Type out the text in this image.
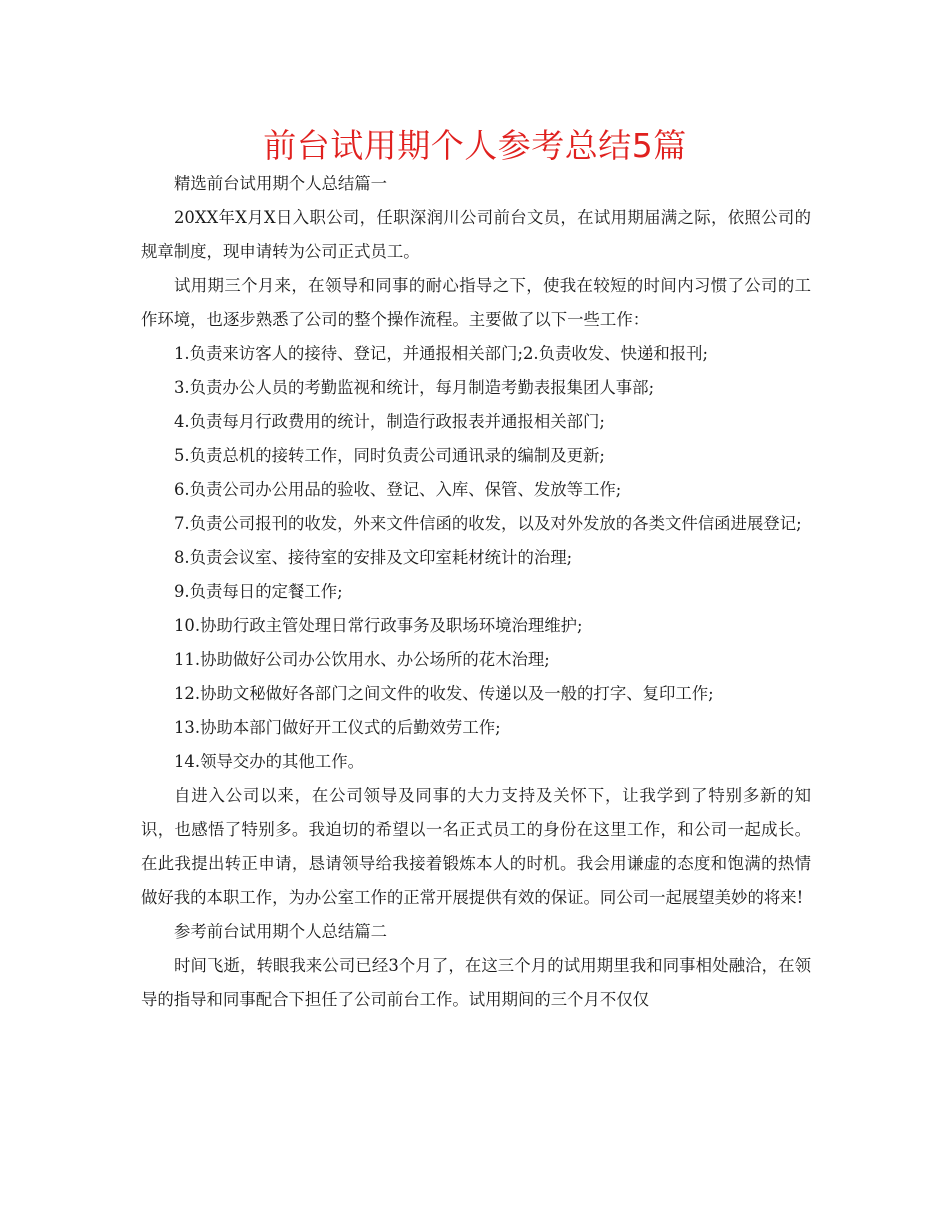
前台试用期个人参考总结5篇

精选前台试用期个人总结篇一

20XX年X月X日入职公司，任职深润川公司前台文员，在试用期届满之际，依照公司的规章制度，现申请转为公司正式员工。

试用期三个月来，在领导和同事的耐心指导之下，使我在较短的时间内习惯了公司的工作环境，也逐步熟悉了公司的整个操作流程。主要做了以下一些工作：

1.负责来访客人的接待、登记，并通报相关部门;2.负责收发、快递和报刊;

3.负责办公人员的考勤监视和统计，每月制造考勤表报集团人事部;

4.负责每月行政费用的统计，制造行政报表并通报相关部门;

5.负责总机的接转工作，同时负责公司通讯录的编制及更新;

6.负责公司办公用品的验收、登记、入库、保管、发放等工作;

7.负责公司报刊的收发，外来文件信函的收发，以及对外发放的各类文件信函进展登记;

8.负责会议室、接待室的安排及文印室耗材统计的治理;

9.负责每日的定餐工作;

10.协助行政主管处理日常行政事务及职场环境治理维护;

11.协助做好公司办公饮用水、办公场所的花木治理;

12.协助文秘做好各部门之间文件的收发、传递以及一般的打字、复印工作;

13.协助本部门做好开工仪式的后勤效劳工作;

14.领导交办的其他工作。

自进入公司以来，在公司领导及同事的大力支持及关怀下，让我学到了特别多新的知识，也感悟了特别多。我迫切的希望以一名正式员工的身份在这里工作，和公司一起成长。在此我提出转正申请，恳请领导给我接着锻炼本人的时机。我会用谦虚的态度和饱满的热情做好我的本职工作，为办公室工作的正常开展提供有效的保证。同公司一起展望美妙的将来!

参考前台试用期个人总结篇二

时间飞逝，转眼我来公司已经3个月了，在这三个月的试用期里我和同事相处融洽，在领导的指导和同事配合下担任了公司前台工作。试用期间的三个月不仅仅
